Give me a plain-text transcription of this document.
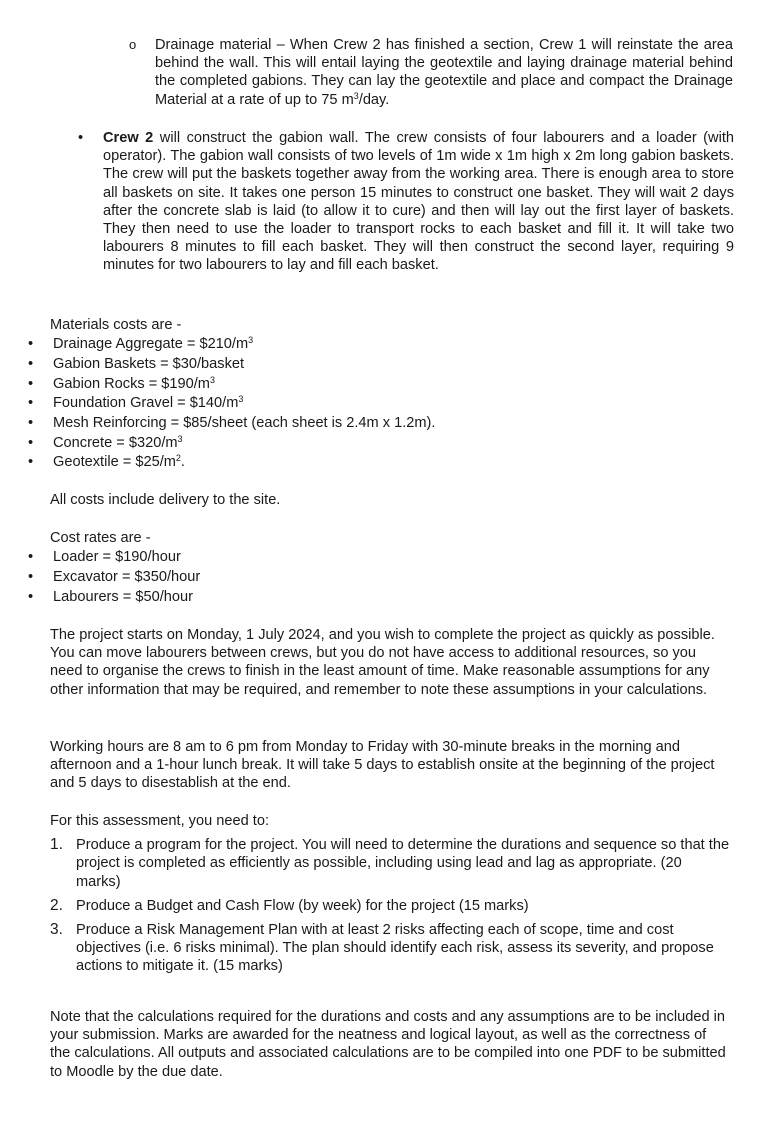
o Drainage material – When Crew 2 has finished a section, Crew 1 will reinstate the area behind the wall. This will entail laying the geotextile and laying drainage material behind the completed gabions. They can lay the geotextile and place and compact the Drainage Material at a rate of up to 75 $m^3$/day.

• Crew 2 will construct the gabion wall. The crew consists of four labourers and a loader (with operator). The gabion wall consists of two levels of 1m wide x 1m high x 2m long gabion baskets. The crew will put the baskets together away from the working area. There is enough area to store all baskets on site. It takes one person 15 minutes to construct one basket. They will wait 2 days after the concrete slab is laid (to allow it to cure) and then will lay out the first layer of baskets. They then need to use the loader to transport rocks to each basket and fill it. It will take two labourers 8 minutes to fill each basket. They will then construct the second layer, requiring 9 minutes for two labourers to lay and fill each basket.

Materials costs are -

• Drainage Aggregate = $\$210/m^3$
• Gabion Baskets = $30/basket
• Gabion Rocks = $\$190/m^3$
• Foundation Gravel = $\$140/m^3$
• Mesh Reinforcing = $85/sheet (each sheet is 2.4m x 1.2m).
• Concrete = $\$320/m^3$
• Geotextile = $\$25/m^2$.

All costs include delivery to the site.

Cost rates are -

• Loader = $190/hour
• Excavator = $350/hour
• Labourers = $50/hour

The project starts on Monday, 1 July 2024, and you wish to complete the project as quickly as possible. You can move labourers between crews, but you do not have access to additional resources, so you need to organise the crews to finish in the least amount of time. Make reasonable assumptions for any other information that may be required, and remember to note these assumptions in your calculations.

Working hours are 8 am to 6 pm from Monday to Friday with 30-minute breaks in the morning and afternoon and a 1-hour lunch break. It will take 5 days to establish onsite at the beginning of the project and 5 days to disestablish at the end.

For this assessment, you need to:

1. Produce a program for the project. You will need to determine the durations and sequence so that the project is completed as efficiently as possible, including using lead and lag as appropriate. (20 marks)
2. Produce a Budget and Cash Flow (by week) for the project (15 marks)
3. Produce a Risk Management Plan with at least 2 risks affecting each of scope, time and cost objectives (i.e. 6 risks minimal). The plan should identify each risk, assess its severity, and propose actions to mitigate it. (15 marks)

Note that the calculations required for the durations and costs and any assumptions are to be included in your submission. Marks are awarded for the neatness and logical layout, as well as the correctness of the calculations. All outputs and associated calculations are to be compiled into one PDF to be submitted to Moodle by the due date.
